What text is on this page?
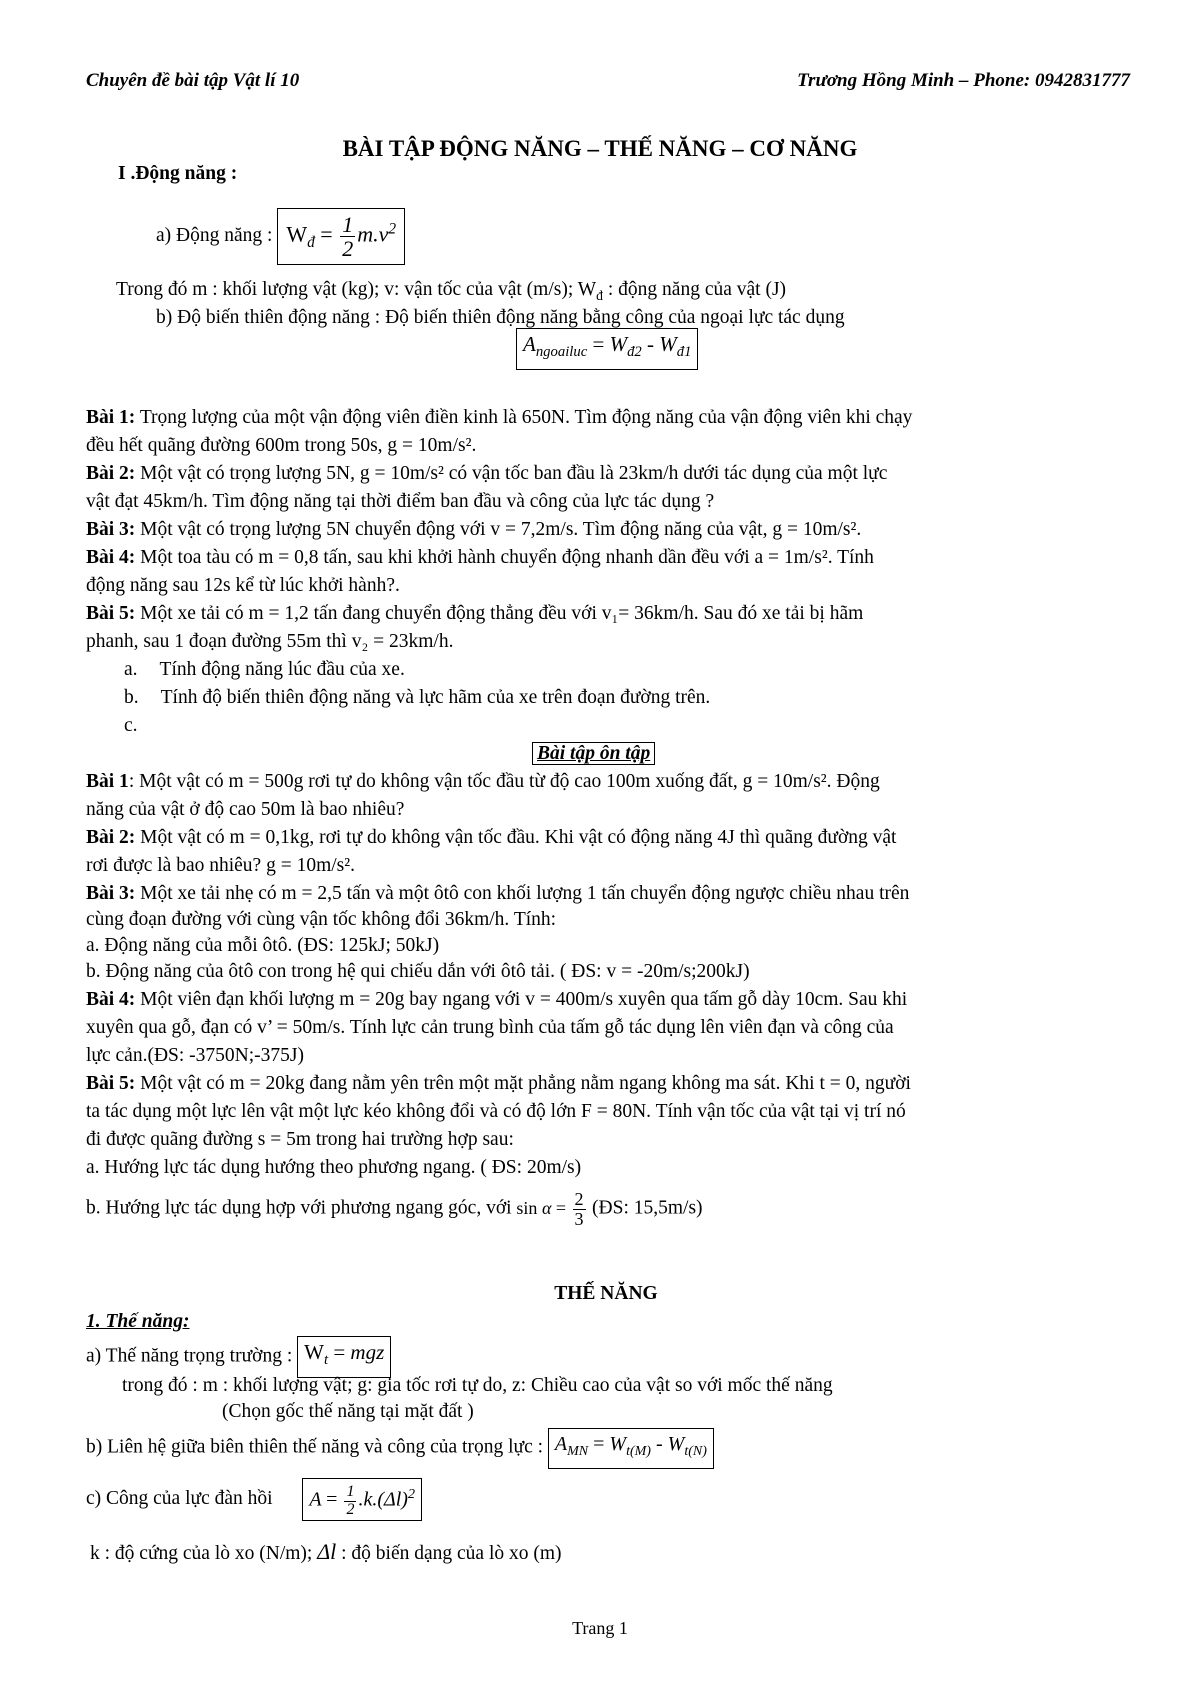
Chuyên đề bài tập Vật lí 10	Trương Hồng Minh – Phone: 0942831777
BÀI TẬP ĐỘNG NĂNG – THẾ NĂNG – CƠ NĂNG
I .Động năng :
a) Động năng : $W_đ = \frac{1}{2} m.v^2$
Trong đó m : khối lượng vật (kg); v: vận tốc của vật (m/s); $W_đ$ : động năng của vật (J)
b) Độ biến thiên động năng : Độ biến thiên động năng bằng công của ngoại lực tác dụng
$A_{ngoailuc} = W_{đ2} - W_{đ1}$
Bài 1: Trọng lượng của một vận động viên điền kinh là 650N. Tìm động năng của vận động viên khi chạy
đều hết quãng đường 600m trong 50s, g = 10m/s².
Bài 2: Một vật có trọng lượng 5N, g = 10m/s² có vận tốc ban đầu là 23km/h dưới tác dụng của một lực
vật đạt 45km/h. Tìm động năng tại thời điểm ban đầu và công của lực tác dụng ?
Bài 3: Một vật có trọng lượng 5N chuyển động với v = 7,2m/s. Tìm động năng của vật, g = 10m/s².
Bài 4: Một toa tàu có m = 0,8 tấn, sau khi khởi hành chuyển động nhanh dần đều với a = 1m/s². Tính
động năng sau 12s kể từ lúc khởi hành?.
Bài 5: Một xe tải có m = 1,2 tấn đang chuyển động thẳng đều với v₁= 36km/h. Sau đó xe tải bị hãm
phanh, sau 1 đoạn đường 55m thì v₂ = 23km/h.
a. Tính động năng lúc đầu của xe.
b. Tính độ biến thiên động năng và lực hãm của xe trên đoạn đường trên.
c.
Bài tập ôn tập
Bài 1: Một vật có m = 500g rơi tự do không vận tốc đầu từ độ cao 100m xuống đất, g = 10m/s². Động
năng của vật ở độ cao 50m là bao nhiêu?
Bài 2: Một vật có m = 0,1kg, rơi tự do không vận tốc đầu. Khi vật có động năng 4J thì quãng đường vật
rơi được là bao nhiêu? g = 10m/s².
Bài 3: Một xe tải nhẹ có m = 2,5 tấn và một ôtô con khối lượng 1 tấn chuyển động ngược chiều nhau trên
cùng đoạn đường với cùng vận tốc không đổi 36km/h. Tính:
a. Động năng của mỗi ôtô. (ĐS: 125kJ; 50kJ)
b. Động năng của ôtô con trong hệ qui chiếu dắn với ôtô tải. ( ĐS: v = -20m/s;200kJ)
Bài 4: Một viên đạn khối lượng m = 20g bay ngang với v = 400m/s xuyên qua tấm gỗ dày 10cm. Sau khi
xuyên qua gỗ, đạn có v’ = 50m/s. Tính lực cản trung bình của tấm gỗ tác dụng lên viên đạn và công của
lực cản.(ĐS: -3750N;-375J)
Bài 5: Một vật có m = 20kg đang nằm yên trên một mặt phẳng nằm ngang không ma sát. Khi t = 0, người
ta tác dụng một lực lên vật một lực kéo không đổi và có độ lớn F = 80N. Tính vận tốc của vật tại vị trí nó
đi được quãng đường s = 5m trong hai trường hợp sau:
a. Hướng lực tác dụng hướng theo phương ngang. ( ĐS: 20m/s)
b. Hướng lực tác dụng hợp với phương ngang góc, với $\sin \alpha = \frac{2}{3}$ (ĐS: 15,5m/s)
THẾ NĂNG
1. Thế năng:
a) Thế năng trọng trường : $W_t$ = mgz
trong đó : m : khối lượng vật; g: gia tốc rơi tự do, z: Chiều cao của vật so với mốc thế năng
(Chọn gốc thế năng tại mặt đất )
b) Liên hệ giữa biên thiên thế năng và công của trọng lực : $A_{MN} = W_{t(M)} - W_{t(N)}$
c) Công của lực đàn hồi $A = \frac{1}{2} .k.(\Delta l)^2$
k : độ cứng của lò xo (N/m); Δl : độ biến dạng của lò xo (m)
Trang 1
